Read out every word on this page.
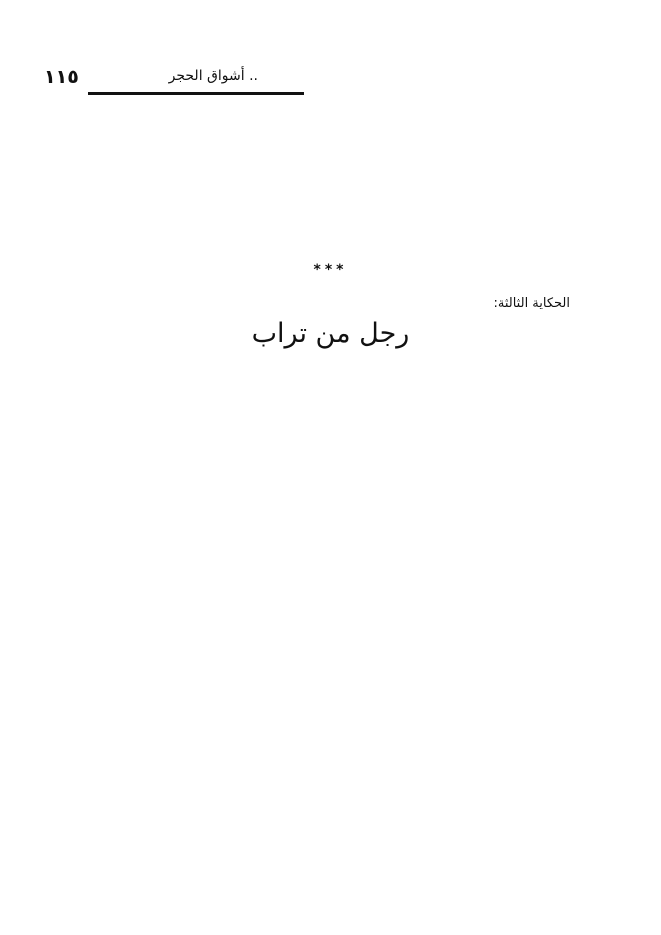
١١٥	أشواق الحجر ..
***
الحكاية الثالثة:
رجل من تراب
